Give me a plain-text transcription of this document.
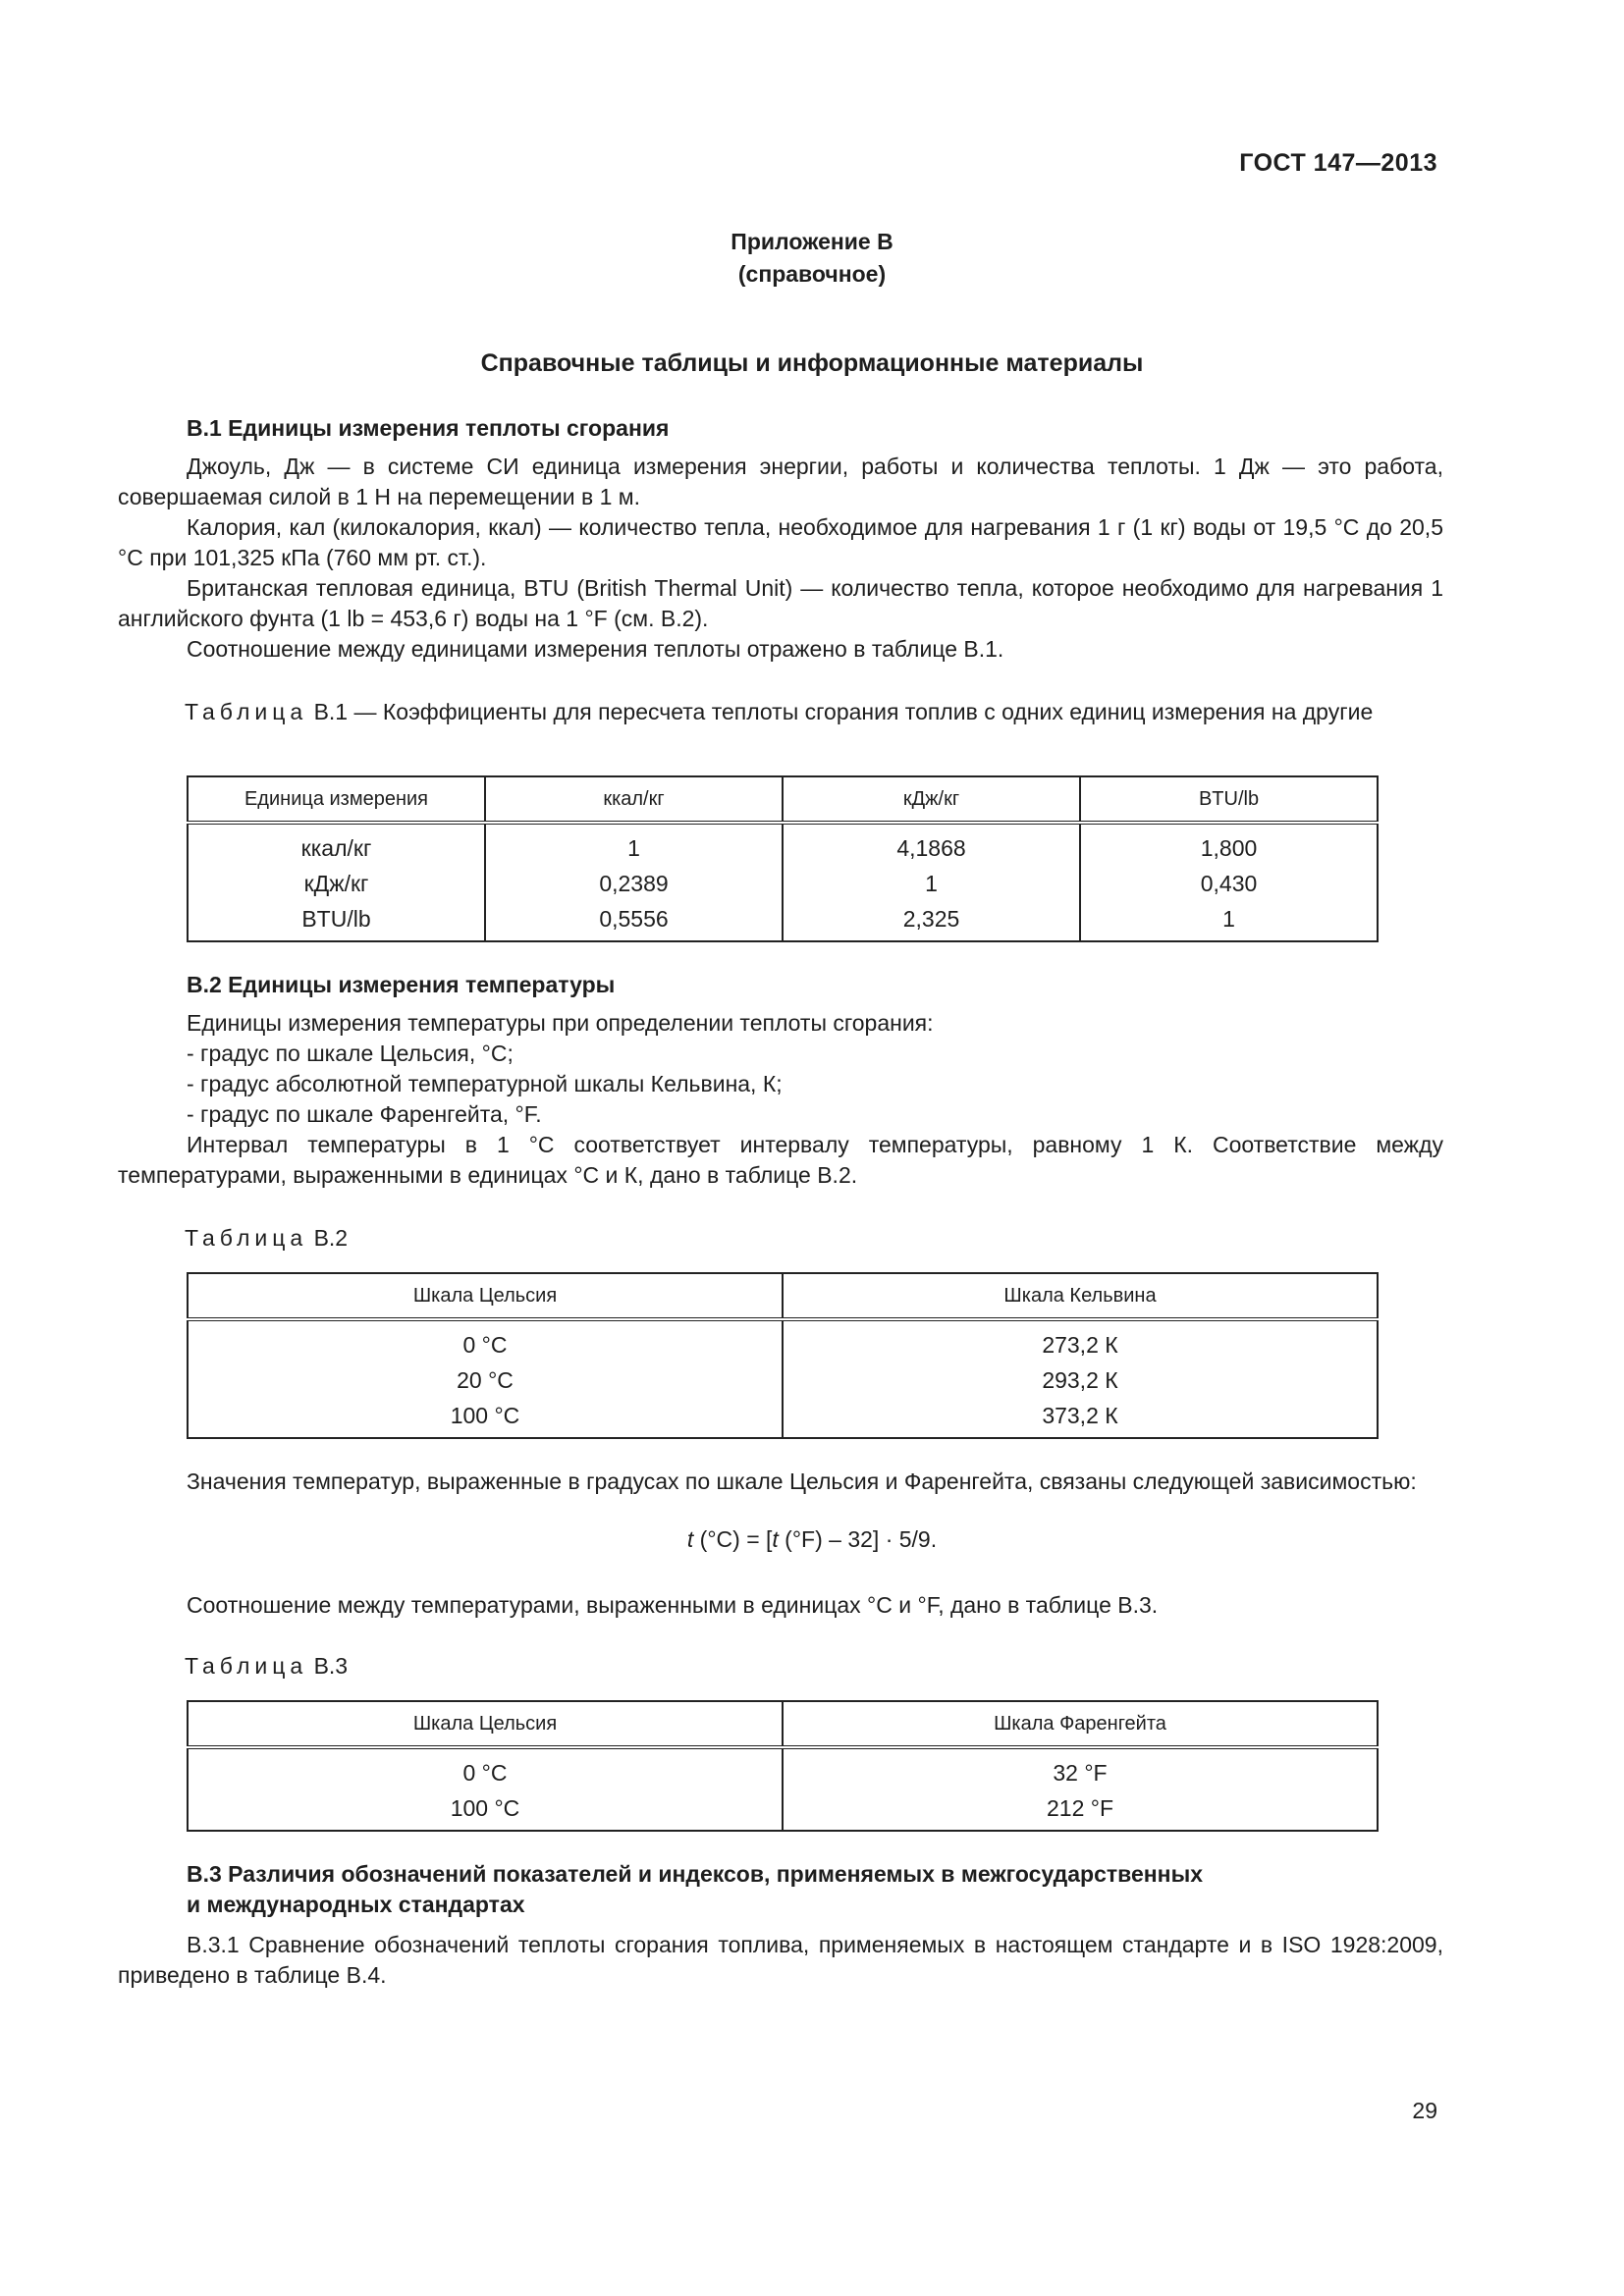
ГОСТ 147—2013
Приложение В
(справочное)
Справочные таблицы и информационные материалы
В.1 Единицы измерения теплоты сгорания
Джоуль, Дж — в системе СИ единица измерения энергии, работы и количества теплоты. 1 Дж — это работа, совершаемая силой в 1 Н на перемещении в 1 м.
Калория, кал (килокалория, ккал) — количество тепла, необходимое для нагревания 1 г (1 кг) воды от 19,5 °С до 20,5 °С при 101,325 кПа (760 мм рт. ст.).
Британская тепловая единица, BTU (British Thermal Unit) — количество тепла, которое необходимо для нагревания 1 английского фунта (1 lb = 453,6 г) воды на 1 °F (см. В.2).
Соотношение между единицами измерения теплоты отражено в таблице В.1.
Таблица В.1 — Коэффициенты для пересчета теплоты сгорания топлив с одних единиц измерения на другие
Единица измерения	ккал/кг	кДж/кг	BTU/lb
ккал/кг	1	4,1868	1,800
кДж/кг	0,2389	1	0,430
BTU/lb	0,5556	2,325	1
В.2 Единицы измерения температуры
Единицы измерения температуры при определении теплоты сгорания:
- градус по шкале Цельсия, °С;
- градус абсолютной температурной шкалы Кельвина, К;
- градус по шкале Фаренгейта, °F.
Интервал температуры в 1 °С соответствует интервалу температуры, равному 1 К. Соответствие между температурами, выраженными в единицах °С и К, дано в таблице В.2.
Таблица В.2
Шкала Цельсия	Шкала Кельвина
0 °С	273,2 К
20 °С	293,2 К
100 °С	373,2 К
Значения температур, выраженные в градусах по шкале Цельсия и Фаренгейта, связаны следующей зависимостью:
t (°С) = [t (°F) – 32] · 5/9.
Соотношение между температурами, выраженными в единицах °С и °F, дано в таблице В.3.
Таблица В.3
Шкала Цельсия	Шкала Фаренгейта
0 °С	32 °F
100 °С	212 °F
В.3 Различия обозначений показателей и индексов, применяемых в межгосударственных
и международных стандартах
В.3.1 Сравнение обозначений теплоты сгорания топлива, применяемых в настоящем стандарте и в ISO 1928:2009, приведено в таблице В.4.
29
